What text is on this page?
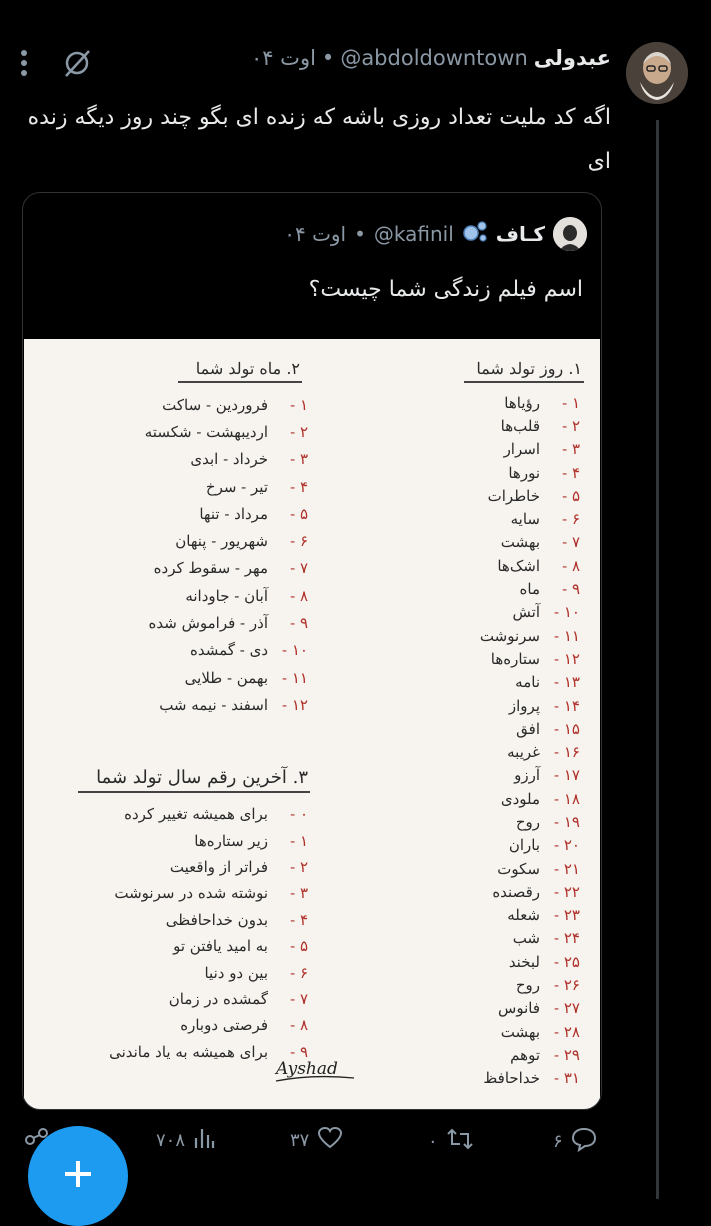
عبدولی
@abdoldowntown
•
۰۴ اوت
اگه کد ملیت تعداد روزی باشه که زنده ای بگو چند روز دیگه زنده ای
کـاف
@kafinil
•
۰۴ اوت
اسم فیلم زندگی شما چیست؟
۱. روز تولد شما
۲. ماه تولد شما
۱ -
رؤیاها
۲ -
قلب‌ها
۳ -
اسرار
۴ -
نورها
۵ -
خاطرات
۶ -
سایه
۷ -
بهشت
۸ -
اشک‌ها
۹ -
ماه
۱۰ -
آتش
۱۱ -
سرنوشت
۱۲ -
ستاره‌ها
۱۳ -
نامه
۱۴ -
پرواز
۱۵ -
افق
۱۶ -
غریبه
۱۷ -
آرزو
۱۸ -
ملودی
۱۹ -
روح
۲۰ -
باران
۲۱ -
سکوت
۲۲ -
رقصنده
۲۳ -
شعله
۲۴ -
شب
۲۵ -
لبخند
۲۶ -
روح
۲۷ -
فانوس
۲۸ -
بهشت
۲۹ -
توهم
۳۱ -
خداحافظ
۱ -
فروردین - ساکت
۲ -
اردیبهشت - شکسته
۳ -
خرداد - ابدی
۴ -
تیر - سرخ
۵ -
مرداد - تنها
۶ -
شهریور - پنهان
۷ -
مهر - سقوط کرده
۸ -
آبان - جاودانه
۹ -
آذر - فراموش شده
۱۰ -
دی - گمشده
۱۱ -
بهمن - طلایی
۱۲ -
اسفند - نیمه شب
۳. آخرین رقم سال تولد شما
۰ -
برای همیشه تغییر کرده
۱ -
زیر ستاره‌ها
۲ -
فراتر از واقعیت
۳ -
نوشته شده در سرنوشت
۴ -
بدون خداحافظی
۵ -
به امید یافتن تو
۶ -
بین دو دنیا
۷ -
گمشده در زمان
۸ -
فرصتی دوباره
۹ -
برای همیشه به یاد ماندنی
Ayshad
۶
۰
۳۷
۷۰۸
